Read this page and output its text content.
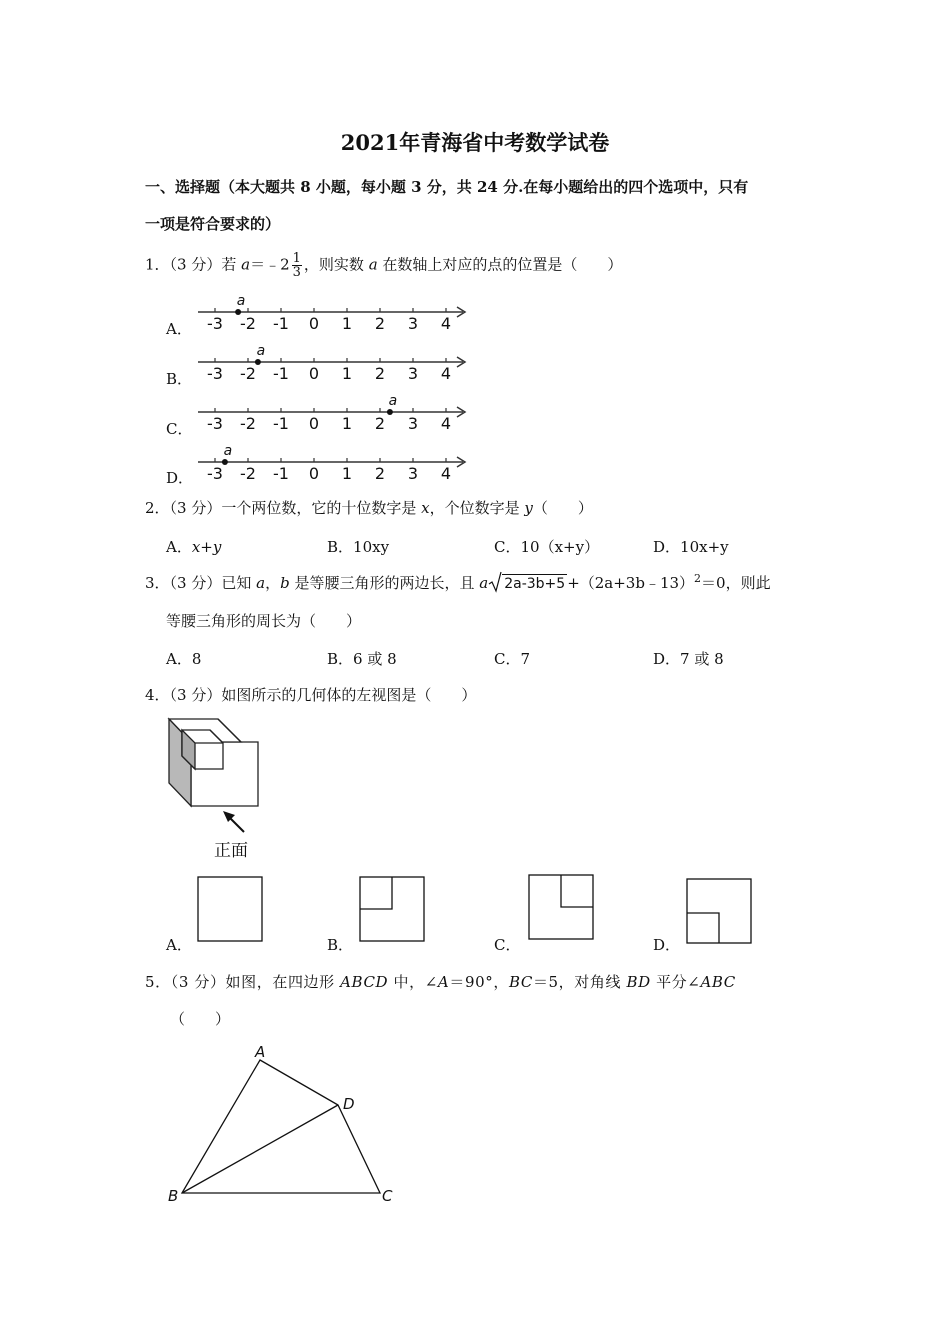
2021年青海省中考数学试卷
一、选择题（本大题共 8 小题，每小题 3 分，共 24 分.在每小题给出的四个选项中，只有
一项是符合要求的）
1．（3 分）若 a＝﹣2 $\frac{1}{3}$ ，则实数 a 在数轴上对应的点的位置是（　　）
A．
B．
C．
D．
-3 -2 -1 0 1 2 3 4
a
-3 -2 -1 0 1 2 3 4
a
-3 -2 -1 0 1 2 3 4
a
-3 -2 -1 0 1 2 3 4
a
2．（3 分）一个两位数，它的十位数字是 x，个位数字是 y（　　）
A．x+y	B．10xy	C．10（x+y）	D．10x+y
3．（3 分）已知 a，b 是等腰三角形的两边长，且 a 2a-3b+5 +（2a+3b﹣13）$^2$＝0，则此
等腰三角形的周长为（　　）
A．8	B．6 或 8	C．7	D．7 或 8
4．（3 分）如图所示的几何体的左视图是（　　）
正面
A．	B．	C．	D．
5．（3 分）如图，在四边形 ABCD 中，∠A＝90°，BC＝5，对角线 BD 平分∠ABC
（　　）
A
D
B	C
